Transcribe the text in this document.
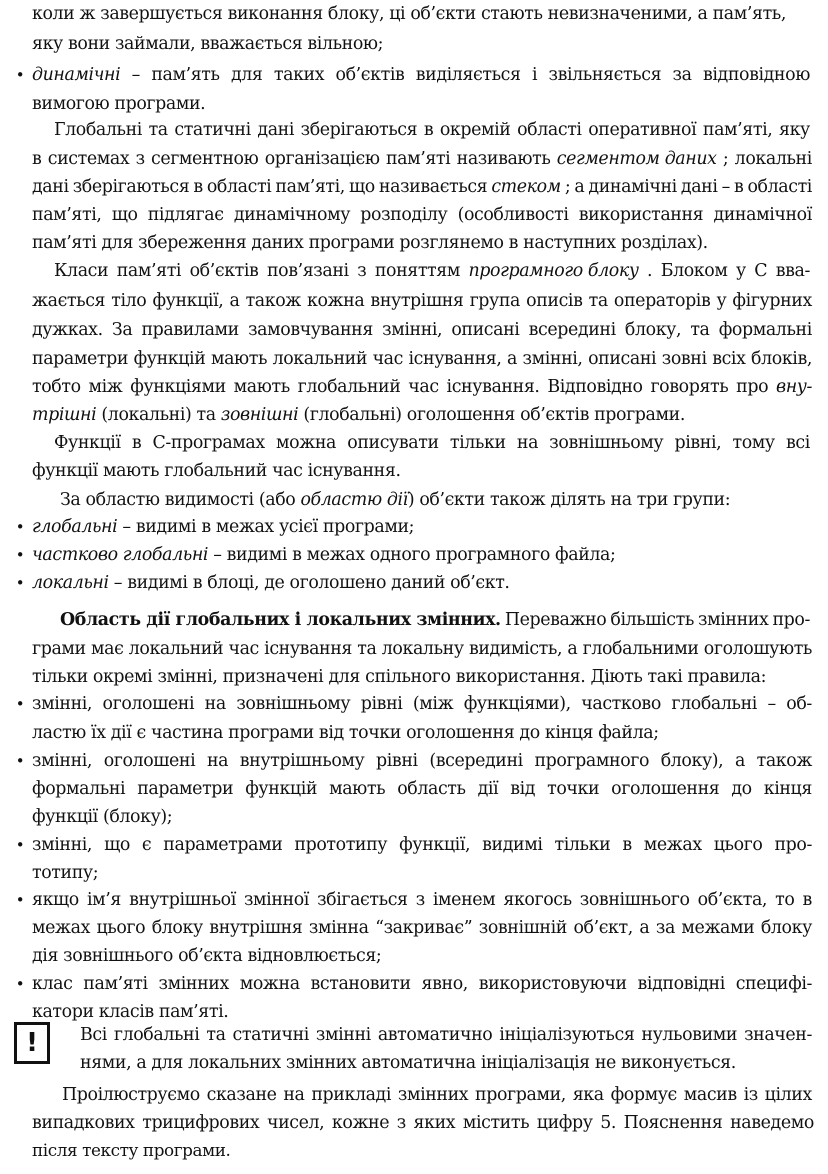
коли ж завершується виконання блоку, ці об’єкти стають невизначеними, а пам’ять,
яку вони займали, вважається вільною;
• динамічні – пам’ять для таких об’єктів виділяється і звільняється за відповідною
вимогою програми.
Глобальні та статичні дані зберігаються в окремій області оперативної пам’яті, яку
в системах з сегментною організацією пам’яті називають сегментом даних ; локальні
дані зберігаються в області пам’яті, що називається стеком ; а динамічні дані – в області
пам’яті, що підлягає динамічному розподілу (особливості використання динамічної
пам’яті для збереження даних програми розглянемо в наступних розділах).
Класи пам’яті об’єктів пов’язані з поняттям програмного блоку . Блоком у С вва-
жається тіло функції, а також кожна внутрішня група описів та операторів у фігурних
дужках. За правилами замовчування змінні, описані всередині блоку, та формальні
параметри функцій мають локальний час існування, а змінні, описані зовні всіх блоків,
тобто між функціями мають глобальний час існування. Відповідно говорять про вну-
трішні (локальні) та зовнішні (глобальні) оголошення об’єктів програми.
Функції в С-програмах можна описувати тільки на зовнішньому рівні, тому всі
функції мають глобальний час існування.
За областю видимості (або областю дії) об’єкти також ділять на три групи:
• глобальні – видимі в межах усієї програми;
• частково глобальні – видимі в межах одного програмного файла;
• локальні – видимі в блоці, де оголошено даний об’єкт.
Область дії глобальних і локальних змінних. Переважно більшість змінних про-
грами має локальний час існування та локальну видимість, а глобальними оголошують
тільки окремі змінні, призначені для спільного використання. Діють такі правила:
• змінні, оголошені на зовнішньому рівні (між функціями), частково глобальні – об-
ластю їх дії є частина програми від точки оголошення до кінця файла;
• змінні, оголошені на внутрішньому рівні (всередині програмного блоку), а також
формальні параметри функцій мають область дії від точки оголошення до кінця
функції (блоку);
• змінні, що є параметрами прототипу функції, видимі тільки в межах цього про-
тотипу;
• якщо ім’я внутрішньої змінної збігається з іменем якогось зовнішнього об’єкта, то в
межах цього блоку внутрішня змінна “закриває” зовнішній об’єкт, а за межами блоку
дія зовнішнього об’єкта відновлюється;
• клас пам’яті змінних можна встановити явно, використовуючи відповідні специфі-
катори класів пам’яті.
Всі глобальні та статичні змінні автоматично ініціалізуються нульовими значен-
нями, а для локальних змінних автоматична ініціалізація не виконується.
Проілюструємо сказане на прикладі змінних програми, яка формує масив із цілих
випадкових трицифрових чисел, кожне з яких містить цифру 5. Пояснення наведемо
після тексту програми.
!
